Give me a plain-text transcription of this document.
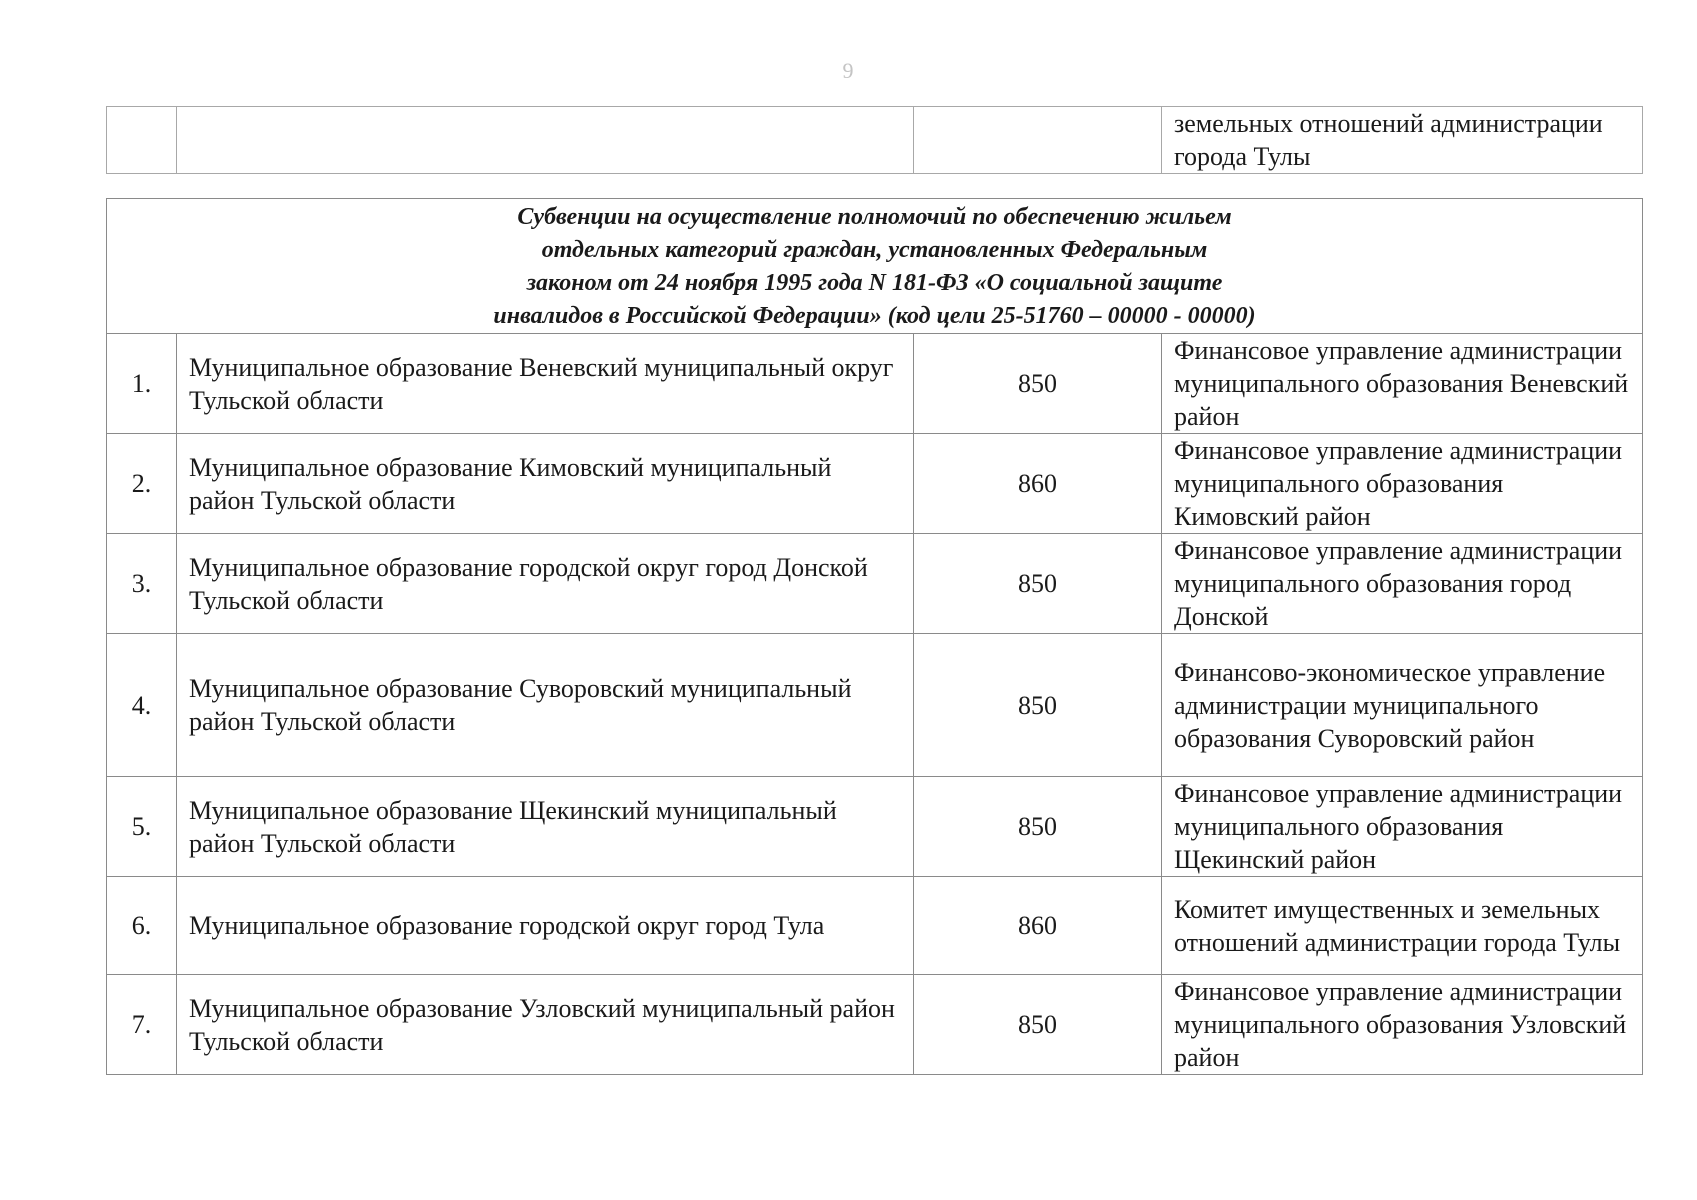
9
			земельных отношений администрации города Тулы
Субвенции на осуществление полномочий по обеспечению жильем
отдельных категорий граждан, установленных Федеральным
законом от 24 ноября 1995 года N 181-ФЗ «О социальной защите
инвалидов в Российской Федерации» (код цели 25-51760 – 00000 - 00000)			

1.	Муниципальное образование Веневский муниципальный округ Тульской области	850	Финансовое управление администрации муниципального образования Веневский район
2.	Муниципальное образование Кимовский муниципальный район Тульской области	860	Финансовое управление администрации муниципального образования Кимовский район
3.	Муниципальное образование городской округ город Донской Тульской области	850	Финансовое управление администрации муниципального образования город Донской
4.	Муниципальное образование Суворовский муниципальный район Тульской области	850	Финансово-экономическое управление администрации муниципального образования Суворовский район
5.	Муниципальное образование Щекинский муниципальный район Тульской области	850	Финансовое управление администрации муниципального образования Щекинский район
6.	Муниципальное образование городской округ город Тула	860	Комитет имущественных и земельных отношений администрации города Тулы
7.	Муниципальное образование Узловский муниципальный район Тульской области	850	Финансовое управление администрации муниципального образования Узловский район
